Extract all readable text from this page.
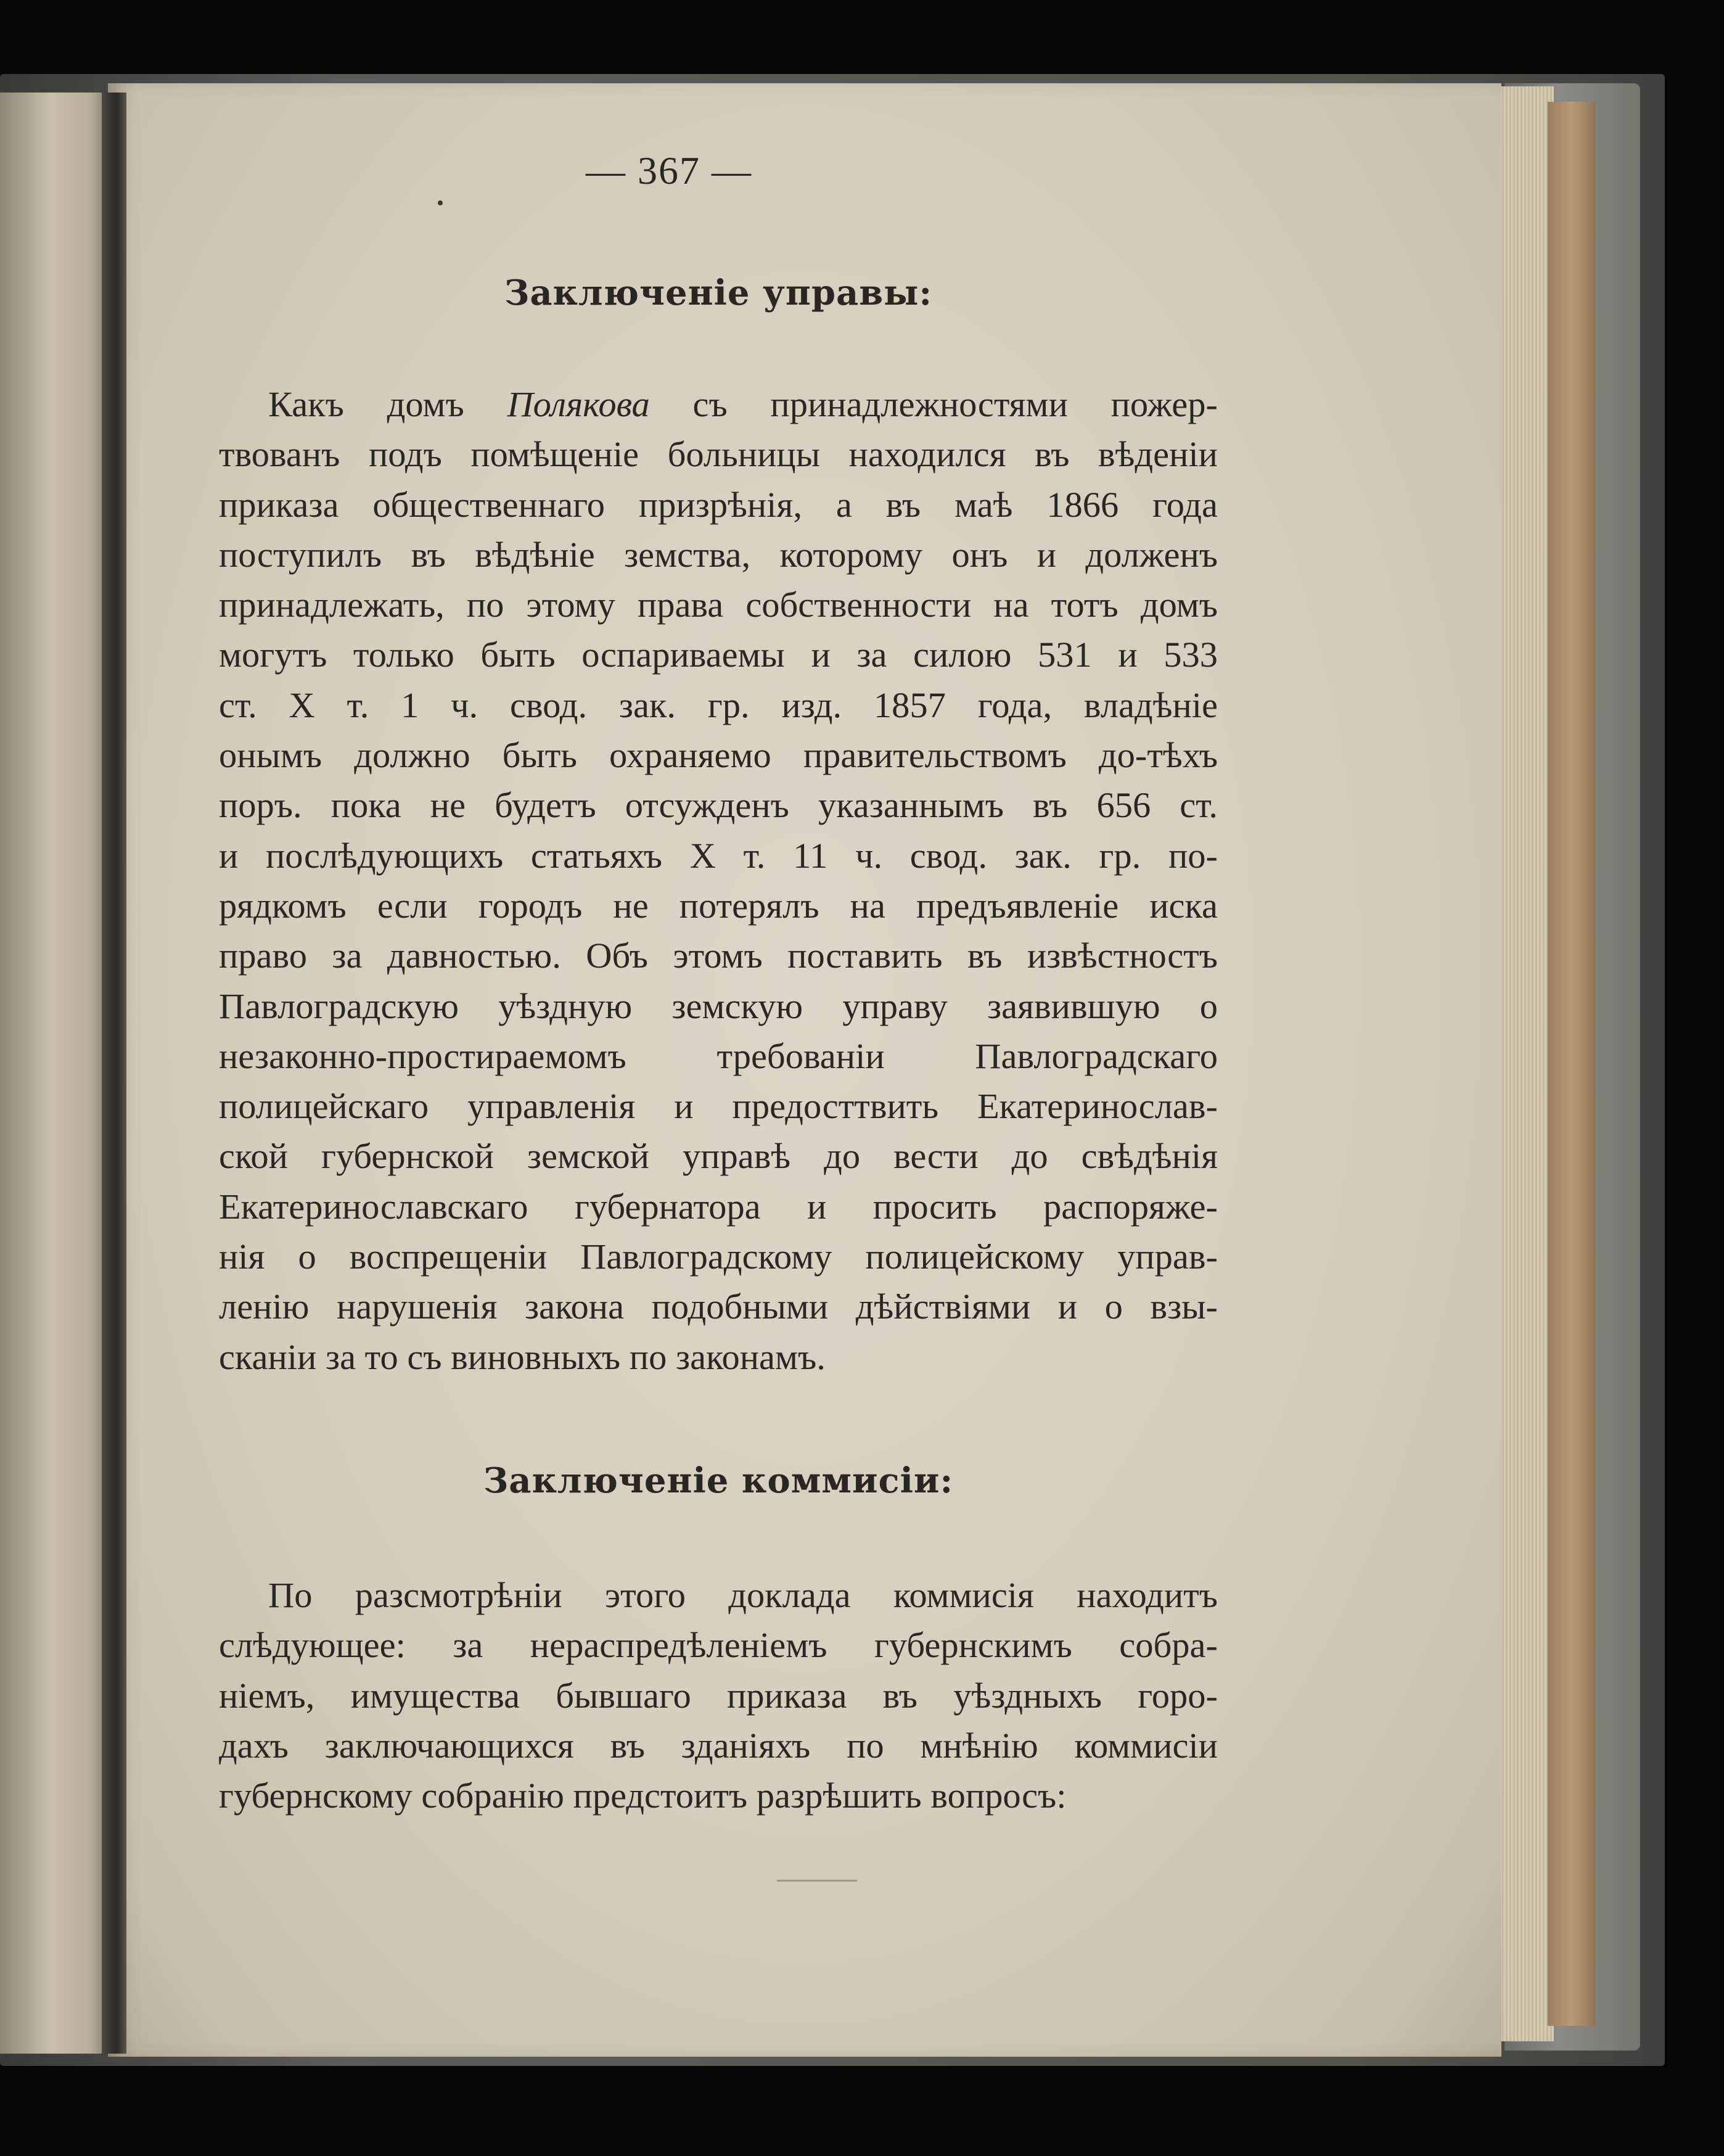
— 367 —
Заключенiе управы:
Какъ домъ Полякова съ принадлежностями пожер-
твованъ подъ помѣщенiе больницы находился въ вѣденiи
приказа общественнаго призрѣнiя, а въ маѣ 1866 года
поступилъ въ вѣдѣнiе земства, которому онъ и долженъ
принадлежать, по этому права собственности на тотъ домъ
могутъ только быть оспариваемы и за силою 531 и 533
ст. X т. 1 ч. свод. зак. гр. изд. 1857 года, владѣнiе
онымъ должно быть охраняемо правительствомъ до-тѣхъ
поръ. пока не будетъ отсужденъ указаннымъ въ 656 ст.
и послѣдующихъ статьяхъ X т. 11 ч. свод. зак. гр. по-
рядкомъ если городъ не потерялъ на предъявленiе иска
право за давностью. Объ этомъ поставить въ извѣстностъ
Павлоградскую уѣздную земскую управу заявившую о
незаконно-простираемомъ требованiи Павлоградскаго
полицейскаго управленiя и предосттвить Екатеринослав-
ской губернской земской управѣ до вести до свѣдѣнiя
Екатеринославскаго губернатора и просить распоряже-
нiя о воспрещенiи Павлоградскому полицейскому управ-
ленiю нарушенiя закона подобными дѣйствiями и о взы-
сканiи за то съ виновныхъ по законамъ.
Заключенiе коммисiи:
По разсмотрѣнiи этого доклада коммисiя находитъ
слѣдующее: за нераспредѣленiемъ губернскимъ собра-
нiемъ, имущества бывшаго приказа въ уѣздныхъ горо-
дахъ заключающихся въ зданiяхъ по мнѣнiю коммисiи
губернскому собранiю предстоитъ разрѣшить вопросъ:
